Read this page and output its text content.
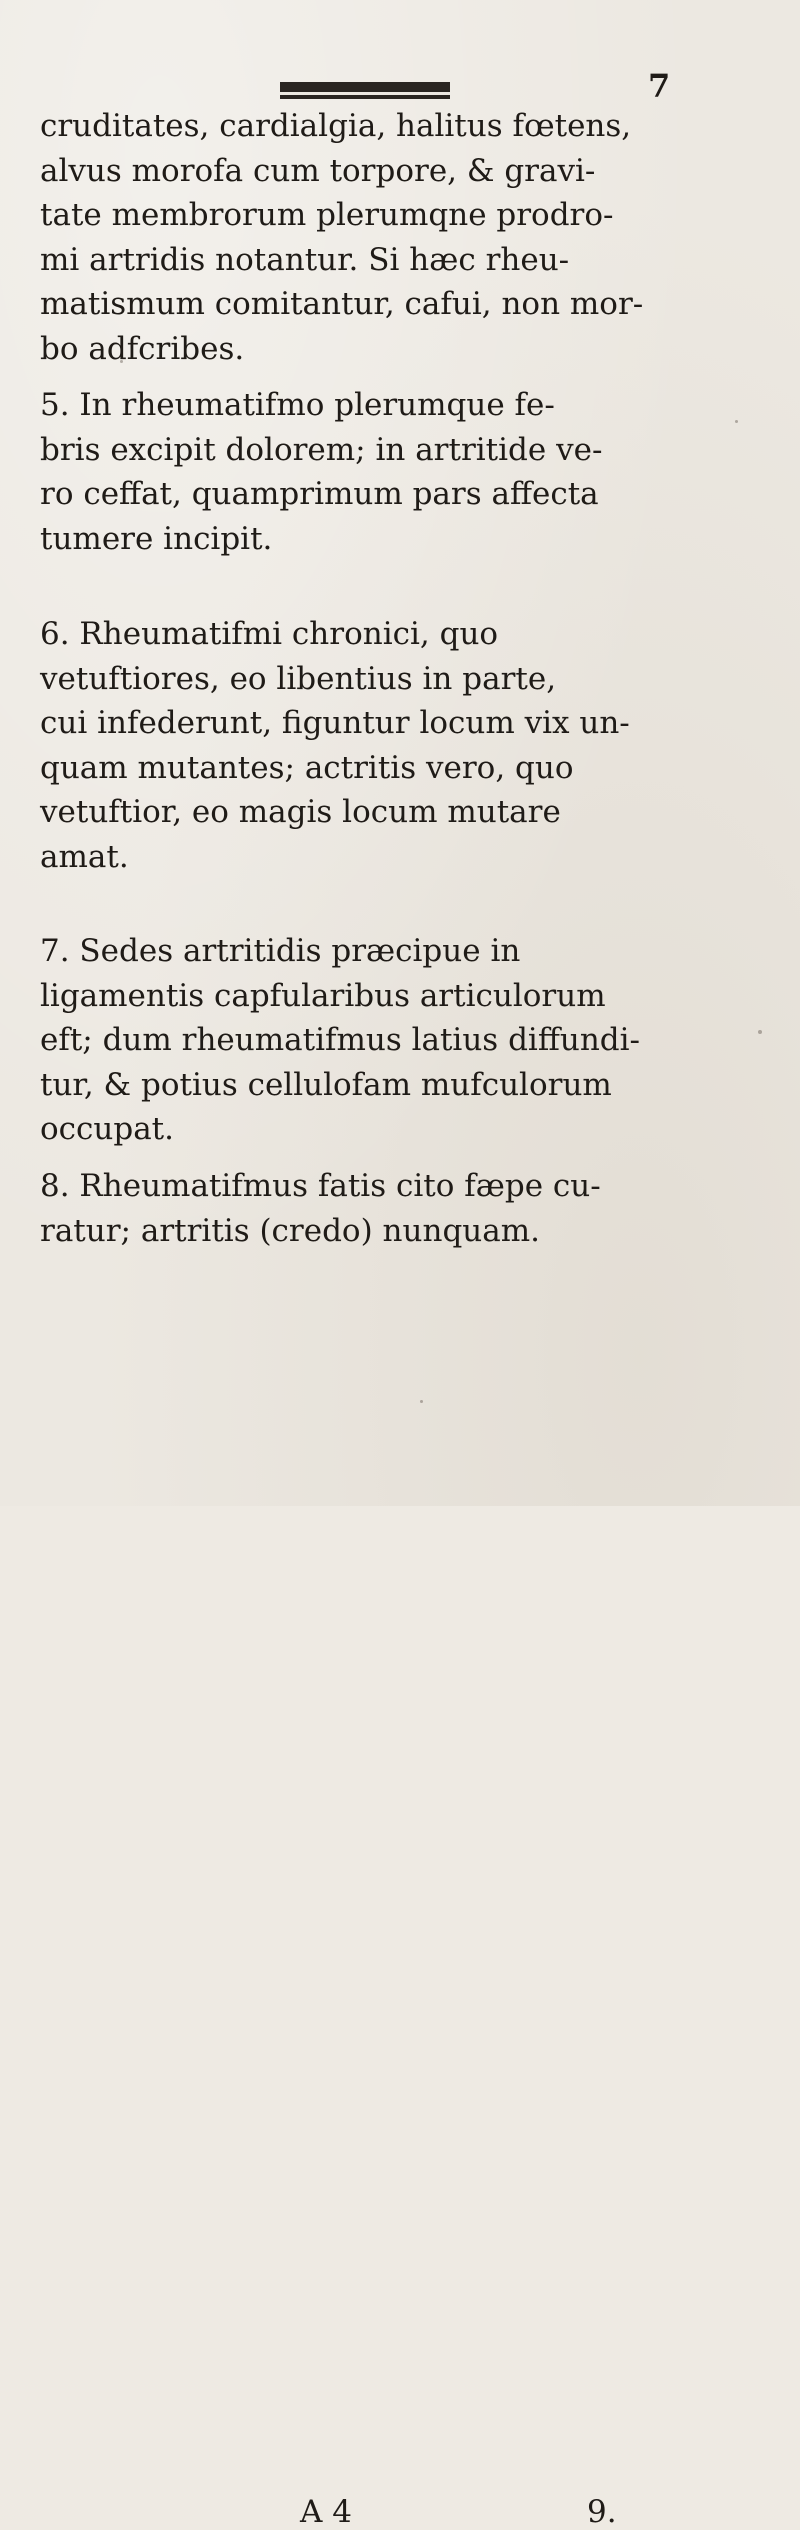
7
cruditates, cardialgia, halitus fœtens,
alvus morofa cum torpore, & gravi-
tate membrorum plerumqne prodro-
mi artridis notantur. Si hæc rheu-
matismum comitantur, cafui, non mor-
bo adfcribes.
5. In rheumatifmo plerumque fe-
bris excipit dolorem; in artritide ve-
ro ceffat, quamprimum pars affecta
tumere incipit.
6. Rheumatifmi chronici, quo
vetuftiores, eo libentius in parte,
cui infederunt, figuntur locum vix un-
quam mutantes; actritis vero, quo
vetuftior, eo magis locum mutare
amat.
7. Sedes artritidis præcipue in
ligamentis capfularibus articulorum
eft; dum rheumatifmus latius diffundi-
tur, & potius cellulofam mufculorum
occupat.
8. Rheumatifmus fatis cito fæpe cu-
ratur; artritis (credo) nunquam.
A 4	9.
